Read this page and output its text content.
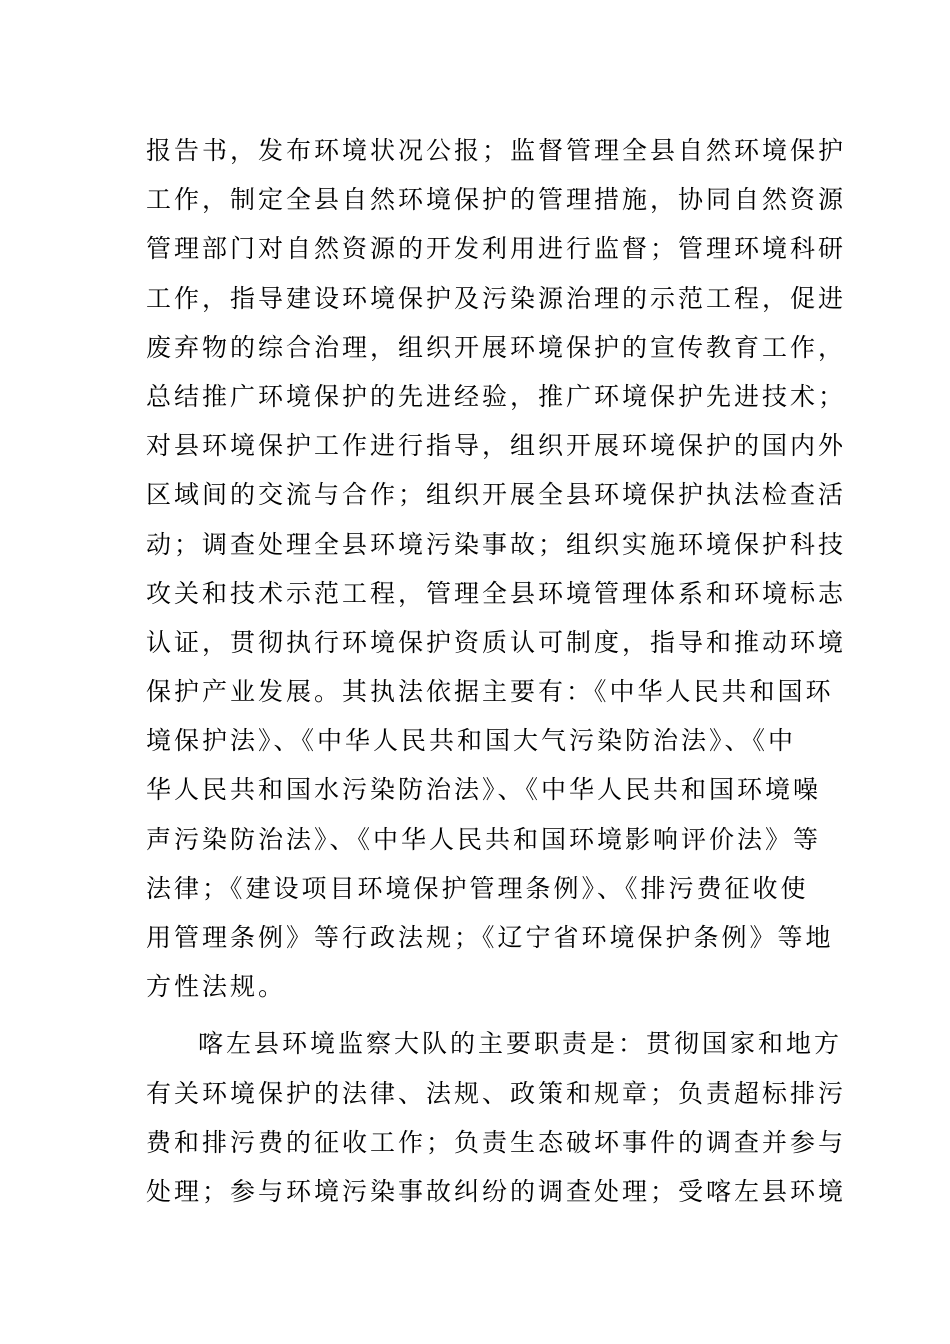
报告书，发布环境状况公报；监督管理全县自然环境保护
工作，制定全县自然环境保护的管理措施，协同自然资源
管理部门对自然资源的开发利用进行监督；管理环境科研
工作，指导建设环境保护及污染源治理的示范工程，促进
废弃物的综合治理，组织开展环境保护的宣传教育工作，
总结推广环境保护的先进经验，推广环境保护先进技术；
对县环境保护工作进行指导，组织开展环境保护的国内外
区域间的交流与合作；组织开展全县环境保护执法检查活
动；调查处理全县环境污染事故；组织实施环境保护科技
攻关和技术示范工程，管理全县环境管理体系和环境标志
认证，贯彻执行环境保护资质认可制度，指导和推动环境
保护产业发展。其执法依据主要有：《中华人民共和国环
境保护法》、《中华人民共和国大气污染防治法》、《中
华人民共和国水污染防治法》、《中华人民共和国环境噪
声污染防治法》、《中华人民共和国环境影响评价法》等
法律；《建设项目环境保护管理条例》、《排污费征收使
用管理条例》等行政法规；《辽宁省环境保护条例》等地
方性法规。
喀左县环境监察大队的主要职责是：贯彻国家和地方
有关环境保护的法律、法规、政策和规章；负责超标排污
费和排污费的征收工作；负责生态破坏事件的调查并参与
处理；参与环境污染事故纠纷的调查处理；受喀左县环境
